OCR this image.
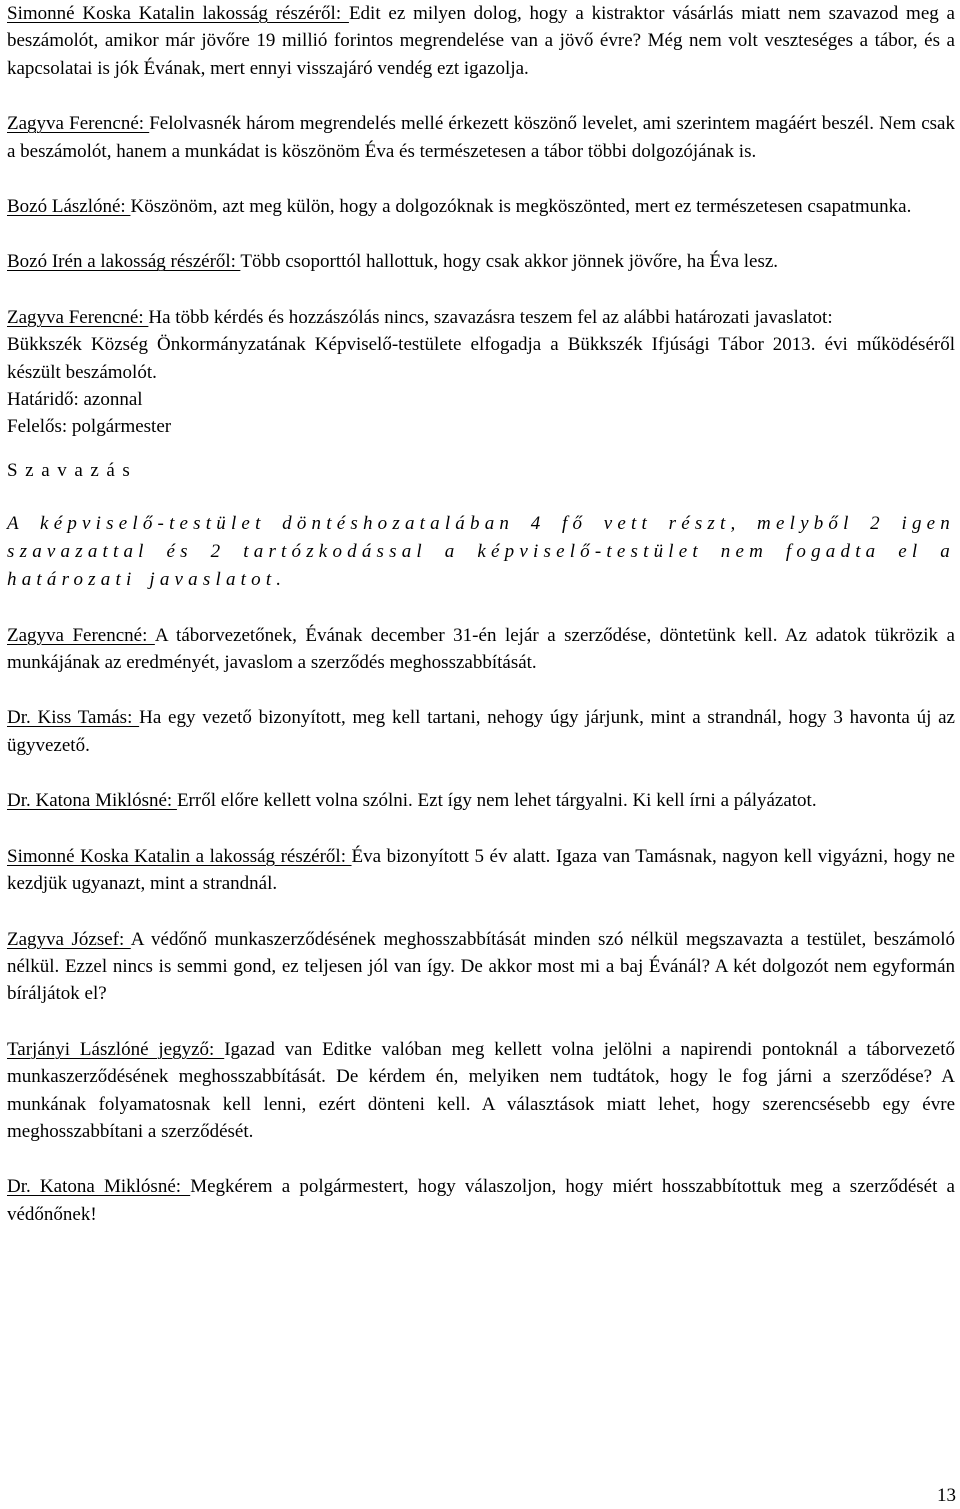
Simonné Koska Katalin lakosság részéről: Edit ez milyen dolog, hogy a kistraktor vásárlás miatt nem szavazod meg a beszámolót, amikor már jövőre 19 millió forintos megrendelése van a jövő évre? Még nem volt veszteséges a tábor, és a kapcsolatai is jók Évának, mert ennyi visszajáró vendég ezt igazolja.

Zagyva Ferencné: Felolvasnék három megrendelés mellé érkezett köszönő levelet, ami szerintem magáért beszél. Nem csak a beszámolót, hanem a munkádat is köszönöm Éva és természetesen a tábor többi dolgozójának is.

Bozó Lászlóné: Köszönöm, azt meg külön, hogy a dolgozóknak is megköszönted, mert ez természetesen csapatmunka.

Bozó Irén a lakosság részéről: Több csoporttól hallottuk, hogy csak akkor jönnek jövőre, ha Éva lesz.

Zagyva Ferencné: Ha több kérdés és hozzászólás nincs, szavazásra teszem fel az alábbi határozati javaslatot:

Bükkszék Község Önkormányzatának Képviselő-testülete elfogadja a Bükkszék Ifjúsági Tábor 2013. évi működéséről készült beszámolót.

Határidő: azonnal

Felelős: polgármester

Szavazás

A képviselő-testület döntéshozatalában 4 fő vett részt, melyből 2 igen szavazattal és 2 tartózkodással a képviselő-testület nem fogadta el a határozati javaslatot.

Zagyva Ferencné: A táborvezetőnek, Évának december 31-én lejár a szerződése, döntetünk kell. Az adatok tükrözik a munkájának az eredményét, javaslom a szerződés meghosszabbítását.

Dr. Kiss Tamás: Ha egy vezető bizonyított, meg kell tartani, nehogy úgy járjunk, mint a strandnál, hogy 3 havonta új az ügyvezető.

Dr. Katona Miklósné: Erről előre kellett volna szólni. Ezt így nem lehet tárgyalni. Ki kell írni a pályázatot.

Simonné Koska Katalin a lakosság részéről: Éva bizonyított 5 év alatt. Igaza van Tamásnak, nagyon kell vigyázni, hogy ne kezdjük ugyanazt, mint a strandnál.

Zagyva József: A védőnő munkaszerződésének meghosszabbítását minden szó nélkül megszavazta a testület, beszámoló nélkül. Ezzel nincs is semmi gond, ez teljesen jól van így. De akkor most mi a baj Évánál? A két dolgozót nem egyformán bíráljátok el?

Tarjányi Lászlóné jegyző: Igazad van Editke valóban meg kellett volna jelölni a napirendi pontoknál a táborvezető munkaszerződésének meghosszabbítását. De kérdem én, melyiken nem tudtátok, hogy le fog járni a szerződése? A munkának folyamatosnak kell lenni, ezért dönteni kell. A választások miatt lehet, hogy szerencsésebb egy évre meghosszabbítani a szerződését.

Dr. Katona Miklósné: Megkérem a polgármestert, hogy válaszoljon, hogy miért hosszabbítottuk meg a szerződését a védőnőnek!

13
